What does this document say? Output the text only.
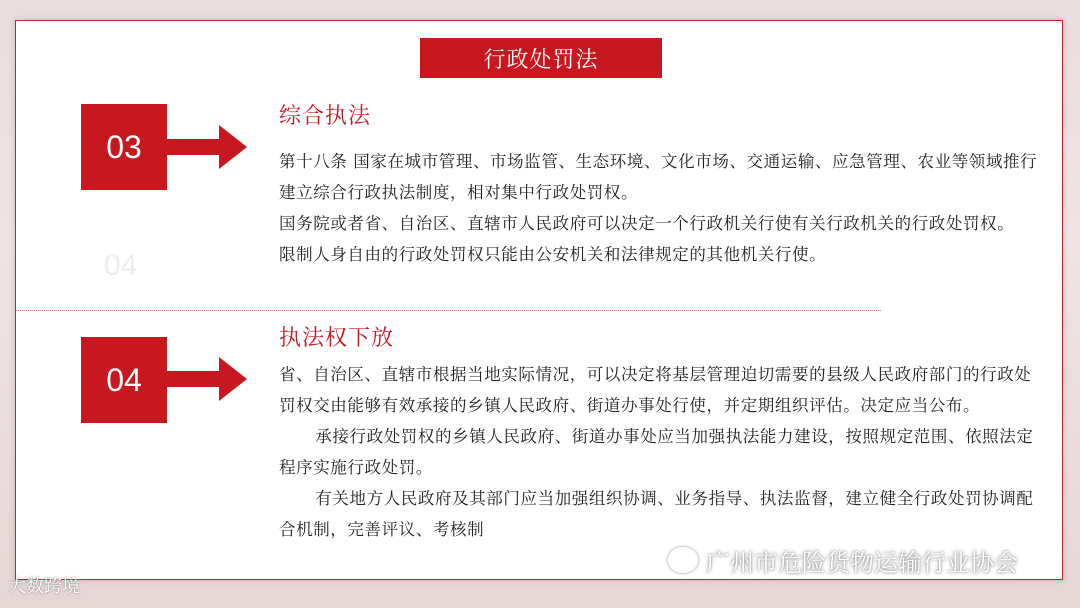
行政处罚法
04
03
综合执法

第十八条 国家在城市管理、市场监管、生态环境、文化市场、交通运输、应急管理、农业等领域推行建立综合行政执法制度，相对集中行政处罚权。

国务院或者省、自治区、直辖市人民政府可以决定一个行政机关行使有关行政机关的行政处罚权。

限制人身自由的行政处罚权只能由公安机关和法律规定的其他机关行使。

04
执法权下放

省、自治区、直辖市根据当地实际情况，可以决定将基层管理迫切需要的县级人民政府部门的行政处罚权交由能够有效承接的乡镇人民政府、街道办事处行使，并定期组织评估。决定应当公布。

承接行政处罚权的乡镇人民政府、街道办事处应当加强执法能力建设，按照规定范围、依照法定程序实施行政处罚。

有关地方人民政府及其部门应当加强组织协调、业务指导、执法监督，建立健全行政处罚协调配合机制，完善评议、考核制

广州市危险货物运输行业协会
大数跨境
